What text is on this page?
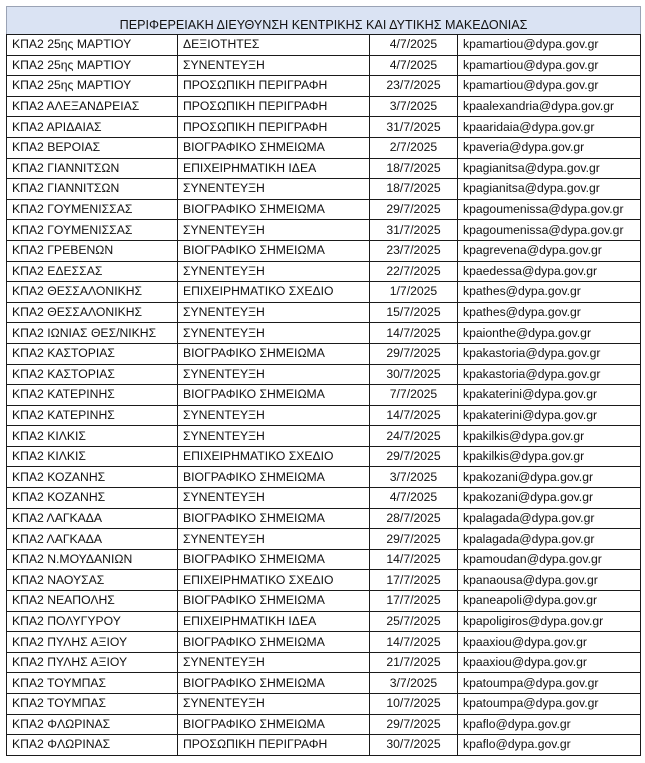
ΠΕΡΙΦΕΡΕΙΑΚΗ ΔΙΕΥΘΥΝΣΗ ΚΕΝΤΡΙΚΗΣ ΚΑΙ ΔΥΤΙΚΗΣ ΜΑΚΕΔΟΝΙΑΣ			
ΚΠΑ2 25ης ΜΑΡΤΙΟΥ	ΔΕΞΙΟΤΗΤΕΣ	4/7/2025	kpamartiou@dypa.gov.gr
ΚΠΑ2 25ης ΜΑΡΤΙΟΥ	ΣΥΝΕΝΤΕΥΞΗ	4/7/2025	kpamartiou@dypa.gov.gr
ΚΠΑ2 25ης ΜΑΡΤΙΟΥ	ΠΡΟΣΩΠΙΚΗ ΠΕΡΙΓΡΑΦΗ	23/7/2025	kpamartiou@dypa.gov.gr
ΚΠΑ2 ΑΛΕΞΑΝΔΡΕΙΑΣ	ΠΡΟΣΩΠΙΚΗ ΠΕΡΙΓΡΑΦΗ	3/7/2025	kpaalexandria@dypa.gov.gr
ΚΠΑ2 ΑΡΙΔΑΙΑΣ	ΠΡΟΣΩΠΙΚΗ ΠΕΡΙΓΡΑΦΗ	31/7/2025	kpaaridaia@dypa.gov.gr
ΚΠΑ2 ΒΕΡΟΙΑΣ	ΒΙΟΓΡΑΦΙΚΟ ΣΗΜΕΙΩΜΑ	2/7/2025	kpaveria@dypa.gov.gr
ΚΠΑ2 ΓΙΑΝΝΙΤΣΩΝ	ΕΠΙΧΕΙΡΗΜΑΤΙΚΗ ΙΔΕΑ	18/7/2025	kpagianitsa@dypa.gov.gr
ΚΠΑ2 ΓΙΑΝΝΙΤΣΩΝ	ΣΥΝΕΝΤΕΥΞΗ	18/7/2025	kpagianitsa@dypa.gov.gr
ΚΠΑ2 ΓΟΥΜΕΝΙΣΣΑΣ	ΒΙΟΓΡΑΦΙΚΟ ΣΗΜΕΙΩΜΑ	29/7/2025	kpagoumenissa@dypa.gov.gr
ΚΠΑ2 ΓΟΥΜΕΝΙΣΣΑΣ	ΣΥΝΕΝΤΕΥΞΗ	31/7/2025	kpagoumenissa@dypa.gov.gr
ΚΠΑ2 ΓΡΕΒΕΝΩΝ	ΒΙΟΓΡΑΦΙΚΟ ΣΗΜΕΙΩΜΑ	23/7/2025	kpagrevena@dypa.gov.gr
ΚΠΑ2 ΕΔΕΣΣΑΣ	ΣΥΝΕΝΤΕΥΞΗ	22/7/2025	kpaedessa@dypa.gov.gr
ΚΠΑ2 ΘΕΣΣΑΛΟΝΙΚΗΣ	ΕΠΙΧΕΙΡΗΜΑΤΙΚΟ ΣΧΕΔΙΟ	1/7/2025	kpathes@dypa.gov.gr
ΚΠΑ2 ΘΕΣΣΑΛΟΝΙΚΗΣ	ΣΥΝΕΝΤΕΥΞΗ	15/7/2025	kpathes@dypa.gov.gr
ΚΠΑ2 ΙΩΝΙΑΣ ΘΕΣ/ΝΙΚΗΣ	ΣΥΝΕΝΤΕΥΞΗ	14/7/2025	kpaionthe@dypa.gov.gr
ΚΠΑ2 ΚΑΣΤΟΡΙΑΣ	ΒΙΟΓΡΑΦΙΚΟ ΣΗΜΕΙΩΜΑ	29/7/2025	kpakastoria@dypa.gov.gr
ΚΠΑ2 ΚΑΣΤΟΡΙΑΣ	ΣΥΝΕΝΤΕΥΞΗ	30/7/2025	kpakastoria@dypa.gov.gr
ΚΠΑ2 ΚΑΤΕΡΙΝΗΣ	ΒΙΟΓΡΑΦΙΚΟ ΣΗΜΕΙΩΜΑ	7/7/2025	kpakaterini@dypa.gov.gr
ΚΠΑ2 ΚΑΤΕΡΙΝΗΣ	ΣΥΝΕΝΤΕΥΞΗ	14/7/2025	kpakaterini@dypa.gov.gr
ΚΠΑ2 ΚΙΛΚΙΣ	ΣΥΝΕΝΤΕΥΞΗ	24/7/2025	kpakilkis@dypa.gov.gr
ΚΠΑ2 ΚΙΛΚΙΣ	ΕΠΙΧΕΙΡΗΜΑΤΙΚΟ ΣΧΕΔΙΟ	29/7/2025	kpakilkis@dypa.gov.gr
ΚΠΑ2 ΚΟΖΑΝΗΣ	ΒΙΟΓΡΑΦΙΚΟ ΣΗΜΕΙΩΜΑ	3/7/2025	kpakozani@dypa.gov.gr
ΚΠΑ2 ΚΟΖΑΝΗΣ	ΣΥΝΕΝΤΕΥΞΗ	4/7/2025	kpakozani@dypa.gov.gr
ΚΠΑ2 ΛΑΓΚΑΔΑ	ΒΙΟΓΡΑΦΙΚΟ ΣΗΜΕΙΩΜΑ	28/7/2025	kpalagada@dypa.gov.gr
ΚΠΑ2 ΛΑΓΚΑΔΑ	ΣΥΝΕΝΤΕΥΞΗ	29/7/2025	kpalagada@dypa.gov.gr
ΚΠΑ2 Ν.ΜΟΥΔΑΝΙΩΝ	ΒΙΟΓΡΑΦΙΚΟ ΣΗΜΕΙΩΜΑ	14/7/2025	kpamoudan@dypa.gov.gr
ΚΠΑ2 ΝΑΟΥΣΑΣ	ΕΠΙΧΕΙΡΗΜΑΤΙΚΟ ΣΧΕΔΙΟ	17/7/2025	kpanaousa@dypa.gov.gr
ΚΠΑ2 ΝΕΑΠΟΛΗΣ	ΒΙΟΓΡΑΦΙΚΟ ΣΗΜΕΙΩΜΑ	17/7/2025	kpaneapoli@dypa.gov.gr
ΚΠΑ2 ΠΟΛΥΓΥΡΟΥ	ΕΠΙΧΕΙΡΗΜΑΤΙΚΗ ΙΔΕΑ	25/7/2025	kpapoligiros@dypa.gov.gr
ΚΠΑ2 ΠΥΛΗΣ ΑΞΙΟΥ	ΒΙΟΓΡΑΦΙΚΟ ΣΗΜΕΙΩΜΑ	14/7/2025	kpaaxiou@dypa.gov.gr
ΚΠΑ2 ΠΥΛΗΣ ΑΞΙΟΥ	ΣΥΝΕΝΤΕΥΞΗ	21/7/2025	kpaaxiou@dypa.gov.gr
ΚΠΑ2 ΤΟΥΜΠΑΣ	ΒΙΟΓΡΑΦΙΚΟ ΣΗΜΕΙΩΜΑ	3/7/2025	kpatoumpa@dypa.gov.gr
ΚΠΑ2 ΤΟΥΜΠΑΣ	ΣΥΝΕΝΤΕΥΞΗ	10/7/2025	kpatoumpa@dypa.gov.gr
ΚΠΑ2 ΦΛΩΡΙΝΑΣ	ΒΙΟΓΡΑΦΙΚΟ ΣΗΜΕΙΩΜΑ	29/7/2025	kpaflo@dypa.gov.gr
ΚΠΑ2 ΦΛΩΡΙΝΑΣ	ΠΡΟΣΩΠΙΚΗ ΠΕΡΙΓΡΑΦΗ	30/7/2025	kpaflo@dypa.gov.gr
